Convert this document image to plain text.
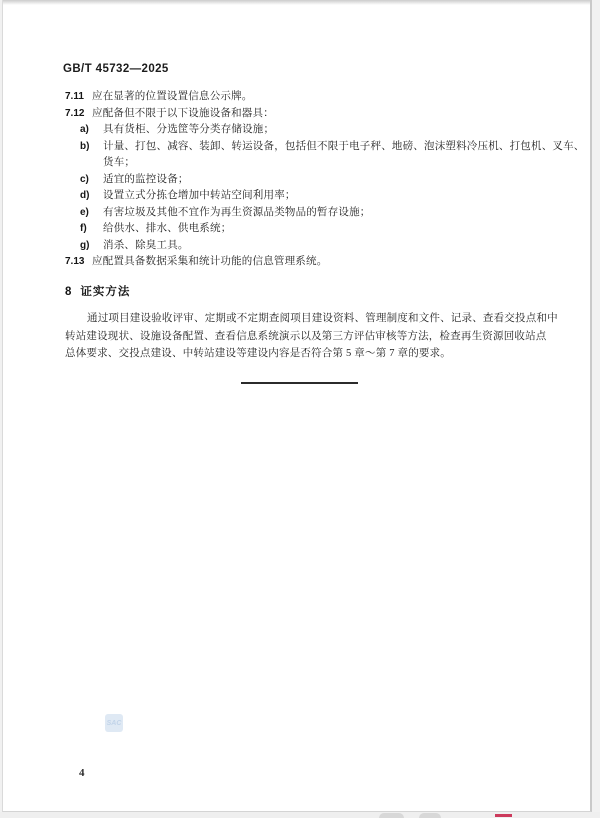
GB/T 45732—2025
7.11 应在显著的位置设置信息公示牌。
7.12 应配备但不限于以下设施设备和器具：
a)	具有货柜、分选筐等分类存储设施；
b)	计量、打包、减容、装卸、转运设备，包括但不限于电子秤、地磅、泡沫塑料冷压机、打包机、叉车、
货车；
c)	适宜的监控设备；
d)	设置立式分拣仓增加中转站空间利用率；
e)	有害垃圾及其他不宜作为再生资源品类物品的暂存设施；
f)	给供水、排水、供电系统；
g)	消杀、除臭工具。
7.13 应配置具备数据采集和统计功能的信息管理系统。
8 证实方法
通过项目建设验收评审、定期或不定期查阅项目建设资料、管理制度和文件、记录、查看交投点和中
转站建设现状、设施设备配置、查看信息系统演示以及第三方评估审核等方法，检查再生资源回收站点
总体要求、交投点建设、中转站建设等建设内容是否符合第 5 章～第 7 章的要求。
SAC
4
